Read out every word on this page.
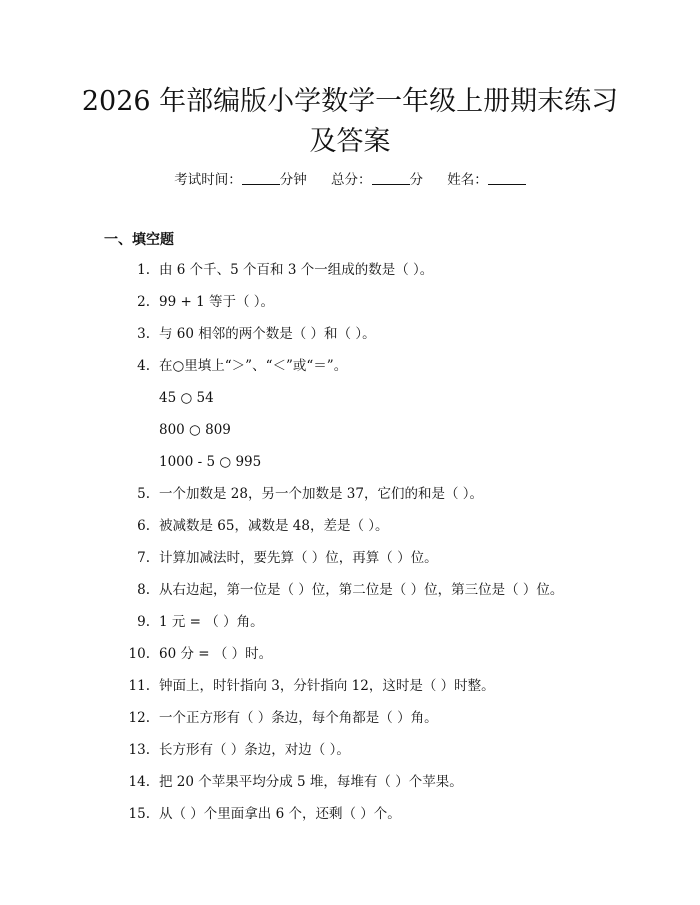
2026 年部编版小学数学一年级上册期末练习及答案
考试时间：	分钟 总分：	分 姓名：
一、填空题
1. 由 6 个千、5 个百和 3 个一组成的数是（ ）。
2. 99 + 1 等于（ ）。
3. 与 60 相邻的两个数是（ ）和（ ）。
4. 在○里填上“＞”、“＜”或“＝”。
5. 一个加数是 28，另一个加数是 37，它们的和是（ ）。
6. 被减数是 65，减数是 48，差是（ ）。
7. 计算加减法时，要先算（ ）位，再算（ ）位。
8. 从右边起，第一位是（ ）位，第二位是（ ）位，第三位是（ ）位。
9. 1 元 = （ ）角。
10. 60 分 = （ ）时。
11. 钟面上，时针指向 3，分针指向 12，这时是（ ）时整。
12. 一个正方形有（ ）条边，每个角都是（ ）角。
13. 长方形有（ ）条边，对边（ ）。
14. 把 20 个苹果平均分成 5 堆，每堆有（ ）个苹果。
15. 从（ ）个里面拿出 6 个，还剩（ ）个。
45 ○ 54
800 ○ 809
1000 - 5 ○ 995
